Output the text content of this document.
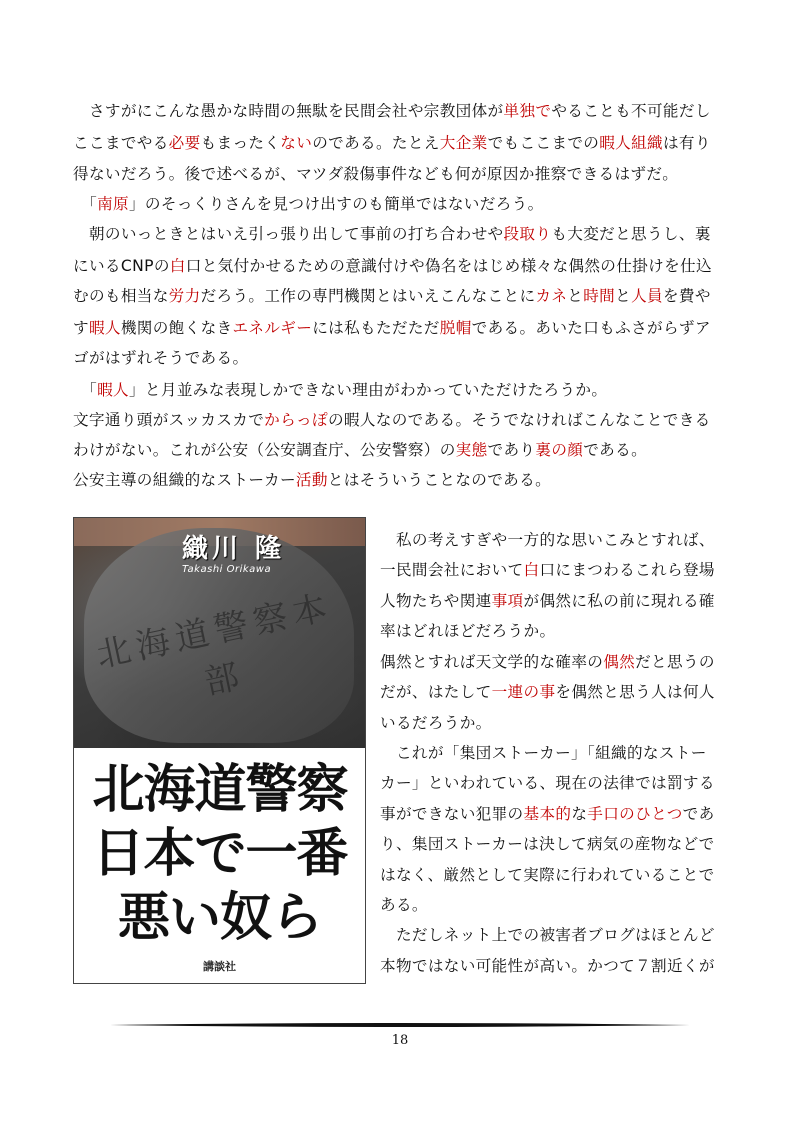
　さすがにこんな愚かな時間の無駄を民間会社や宗教団体が単独でやることも不可能だし
ここまでやる必要もまったくないのである。たとえ大企業でもここまでの暇人組織は有り
得ないだろう。後で述べるが、マツダ殺傷事件なども何が原因か推察できるはずだ。
　「南原」のそっくりさんを見つけ出すのも簡単ではないだろう。
　朝のいっときとはいえ引っ張り出して事前の打ち合わせや段取りも大変だと思うし、裏
にいるCNPの白口と気付かせるための意識付けや偽名をはじめ様々な偶然の仕掛けを仕込
むのも相当な労力だろう。工作の専門機関とはいえこんなことにカネと時間と人員を費や
す暇人機関の飽くなきエネルギーには私もただただ脱帽である。あいた口もふさがらずア
ゴがはずれそうである。
　「暇人」と月並みな表現しかできない理由がわかっていただけたろうか。
文字通り頭がスッカスカでからっぽの暇人なのである。そうでなければこんなことできる
わけがない。これが公安（公安調査庁、公安警察）の実態であり裏の顔である。
公安主導の組織的なストーカー活動とはそういうことなのである。
北海道警察本部
織川 隆
Takashi Orikawa
北海道警察
日本で一番
悪い奴ら
講談社
　私の考えすぎや一方的な思いこみとすれば、
一民間会社において白口にまつわるこれら登場
人物たちや関連事項が偶然に私の前に現れる確
率はどれほどだろうか。
偶然とすれば天文学的な確率の偶然だと思うの
だが、はたして一連の事を偶然と思う人は何人
いるだろうか。
　これが「集団ストーカー」「組織的なストー
カー」といわれている、現在の法律では罰する
事ができない犯罪の基本的な手口のひとつであ
り、集団ストーカーは決して病気の産物などで
はなく、厳然として実際に行われていることで
ある。
　ただしネット上での被害者ブログはほとんど
本物ではない可能性が高い。かつて７割近くが
18
